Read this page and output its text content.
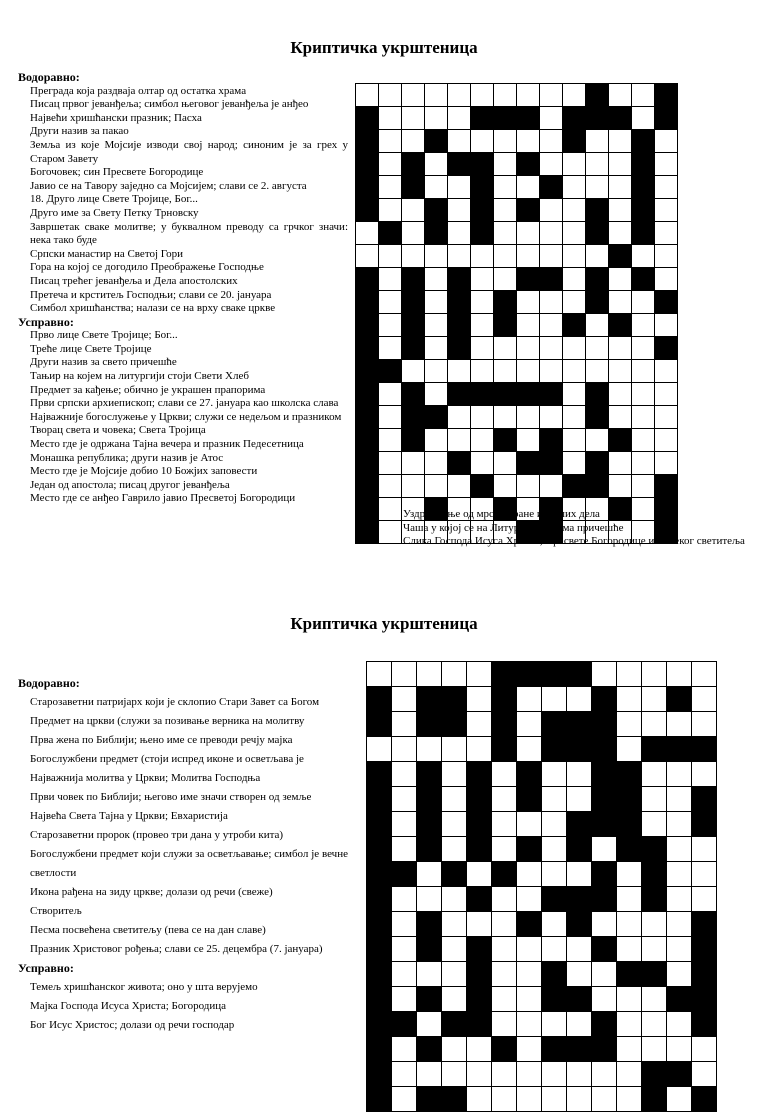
Криптичка укрштеница
Водоравно:
Преграда која раздваја олтар од остатка храма
Писац првог јеванђеља; симбол његовог јеванђеља је анђео
Највећи хришћански празник; Пасха
Други назив за пакао
Земља из које Мојсије изводи свој народ; синоним је за грех у Старом Завету
Богочовек; син Пресвете Богородице
Јавио се на Тавору заједно са Мојсијем; слави се 2. августа
18. Друго лице Свете Тројице, Бог...
Друго име за Свету Петку Трновску
Завршетак сваке молитве; у буквалном преводу са грчког значи: нека тако буде
Српски манастир на Светој Гори
Гора на којој се догодило Преображење Господње
Писац трећег јеванђеља и Дела апостолских
Претеча и крститељ Господњи; слави се 20. јануара
Симбол хришћанства; налази се на врху сваке цркве
Усправно:
Прво лице Свете Тројице; Бог...
Треће лице Свете Тројице
Други назив за свето причешће
Тањир на којем на литургији стоји Свети Хлеб
Предмет за кађење; обично је украшен прапорима
Први српски архиепископ; слави се 27. јануара као школска слава
Најважније богослужење у Цркви; служи се недељом и празником
Творац света и човека; Света Тројица
Место где је одржана Тајна вечера и празник Педесетница
Монашка република; други назив је Атос
Место где је Мојсије добио 10 Божјих заповести
Један од апостола; писац другог јеванђеља
Место где се анђео Гаврило јавио Пресветој Богородици
Уздржавање од мрсне хране и лоших дела
Чаша у којој се на Литургији спрема причешће
Слика Господа Исуса Христа, Пресвете Богородице или неког светитеља
Криптичка укрштеница
Водоравно:
Старозаветни патријарх који је склопио Стари Завет са Богом
Предмет на цркви (служи за позивање верника на молитву
Прва жена по Библији; њено име се преводи речју мајка
Богослужбени предмет (стоји испред иконе и осветљава је
Најважнија молитва у Цркви; Молитва Господња
Први човек по Библији; његово име значи створен од земље
Највећа Света Тајна у Цркви; Евхаристија
Старозаветни пророк (провео три дана у утроби кита)
Богослужбени предмет који служи за осветљавање; симбол је вечне светлости
Икона рађена на зиду цркве; долази од речи (свеже)
Створитељ
Песма посвећена светитељу (пева се на дан славе)
Празник Христовог рођења; слави се 25. децембра (7. јануара)
Усправно:
Темељ хришћанског живота; оно у шта верујемо
Мајка Господа Исуса Христа; Богородица
Бог Исус Христос; долази од речи господар
